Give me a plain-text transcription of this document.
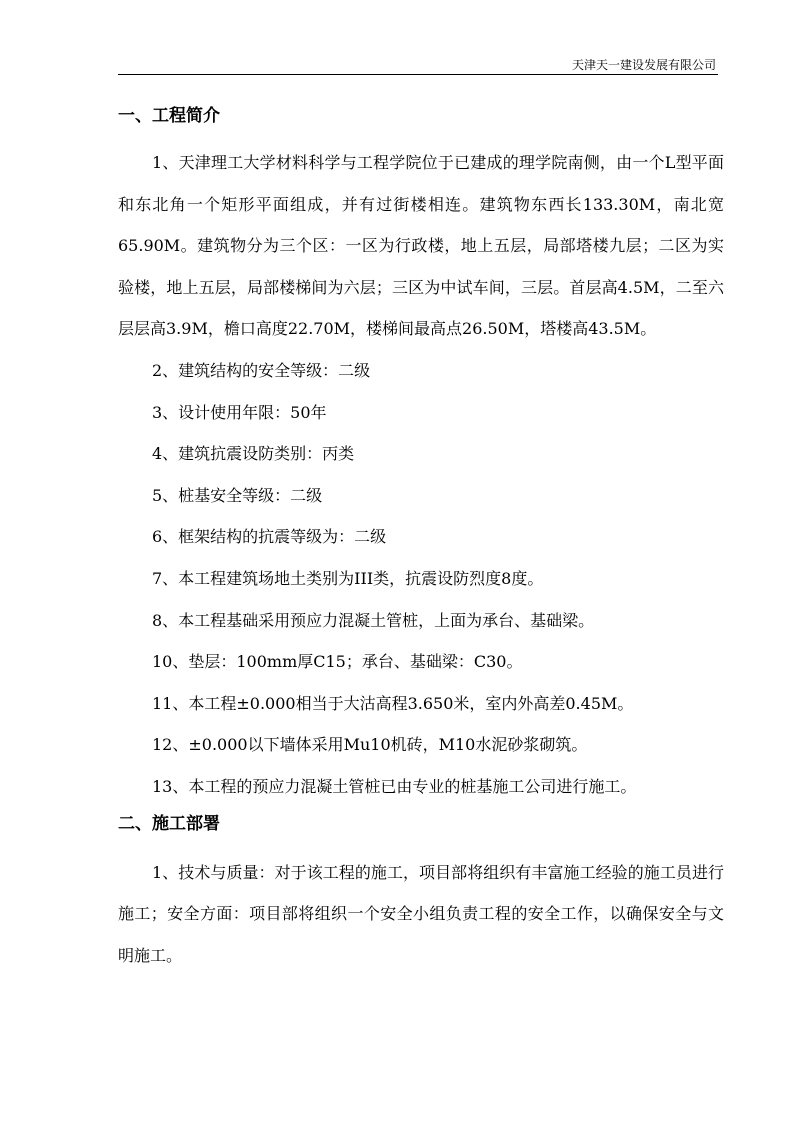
天津天一建设发展有限公司
一、工程简介

1、天津理工大学材料科学与工程学院位于已建成的理学院南侧，由一个L型平面和东北角一个矩形平面组成，并有过街楼相连。建筑物东西长133.30M，南北宽65.90M。建筑物分为三个区：一区为行政楼，地上五层，局部塔楼九层；二区为实验楼，地上五层，局部楼梯间为六层；三区为中试车间，三层。首层高4.5M，二至六层层高3.9M，檐口高度22.70M，楼梯间最高点26.50M，塔楼高43.5M。

2、建筑结构的安全等级：二级

3、设计使用年限：50年

4、建筑抗震设防类别：丙类

5、桩基安全等级：二级

6、框架结构的抗震等级为：二级

7、本工程建筑场地土类别为III类，抗震设防烈度8度。

8、本工程基础采用预应力混凝土管桩，上面为承台、基础梁。

10、垫层：100mm厚C15；承台、基础梁：C30。

11、本工程±0.000相当于大沽高程3.650米，室内外高差0.45M。

12、±0.000以下墙体采用Mu10机砖，M10水泥砂浆砌筑。

13、本工程的预应力混凝土管桩已由专业的桩基施工公司进行施工。

二、施工部署

1、技术与质量：对于该工程的施工，项目部将组织有丰富施工经验的施工员进行施工；安全方面：项目部将组织一个安全小组负责工程的安全工作，以确保安全与文明施工。
